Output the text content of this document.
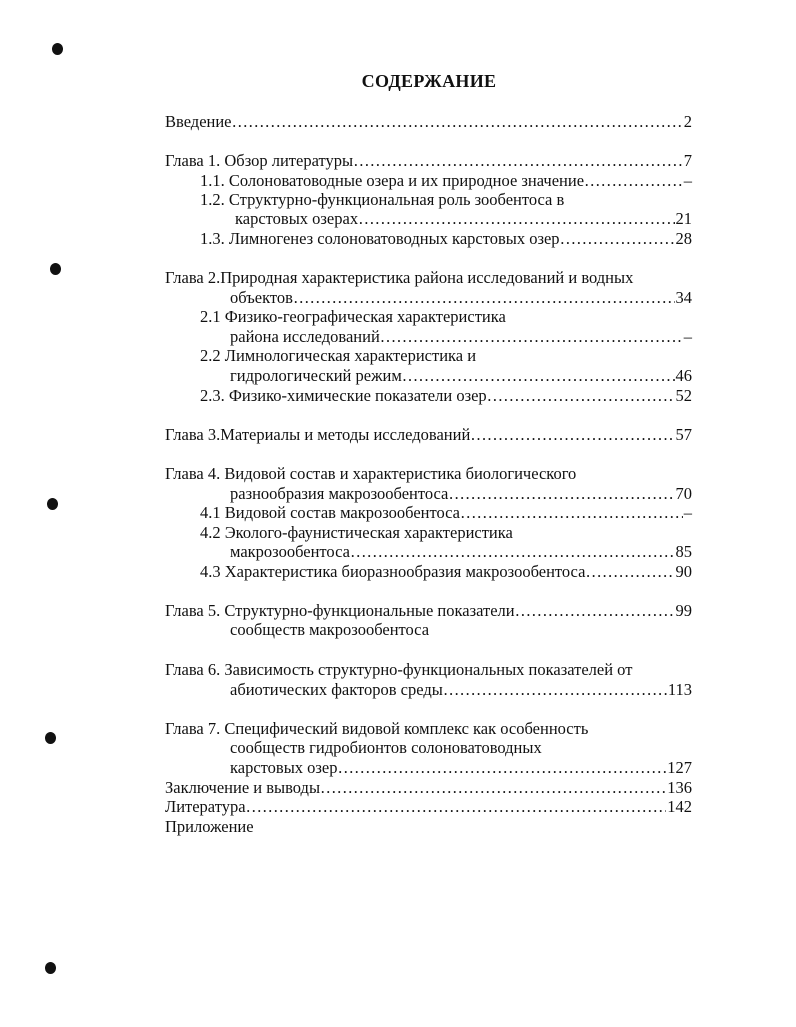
СОДЕРЖАНИЕ
Введение ……………………………………………………………………………………………………………………………………………	2
Глава 1. Обзор литературы ……………………………………………………………………………………………………………………………………………	7
1.1. Солоноватоводные озера и их природное значение ……………………………………………………………………………………………………………………………………………	–
1.2. Структурно-функциональная роль зообентоса в
карстовых озерах ……………………………………………………………………………………………………………………………………………	21
1.3. Лимногенез солоноватоводных карстовых озер ……………………………………………………………………………………………………………………………………………	28
Глава 2.Природная характеристика района исследований и водных
объектов ……………………………………………………………………………………………………………………………………………	34
2.1 Физико-географическая характеристика
района исследований ……………………………………………………………………………………………………………………………………………	–
2.2 Лимнологическая характеристика и
гидрологический режим ……………………………………………………………………………………………………………………………………………	46
2.3. Физико-химические показатели озер ……………………………………………………………………………………………………………………………………………	52
Глава 3.Материалы и методы исследований ……………………………………………………………………………………………………………………………………………	57
Глава 4. Видовой состав и характеристика биологического
разнообразия макрозообентоса ……………………………………………………………………………………………………………………………………………	70
4.1 Видовой состав макрозообентоса ……………………………………………………………………………………………………………………………………………	–
4.2 Эколого-фаунистическая характеристика
макрозообентоса ……………………………………………………………………………………………………………………………………………	85
4.3 Характеристика биоразнообразия макрозообентоса ……………………………………………………………………………………………………………………………………………	90
Глава 5. Структурно-функциональные показатели ……………………………………………………………………………………………………………………………………………	99
сообществ макрозообентоса
Глава 6. Зависимость структурно-функциональных показателей от
абиотических факторов среды ……………………………………………………………………………………………………………………………………………	113
Глава 7. Специфический видовой комплекс как особенность
сообществ гидробионтов солоноватоводных
карстовых озер ……………………………………………………………………………………………………………………………………………	127
Заключение и выводы ……………………………………………………………………………………………………………………………………………	136
Литература ……………………………………………………………………………………………………………………………………………	142
Приложение
